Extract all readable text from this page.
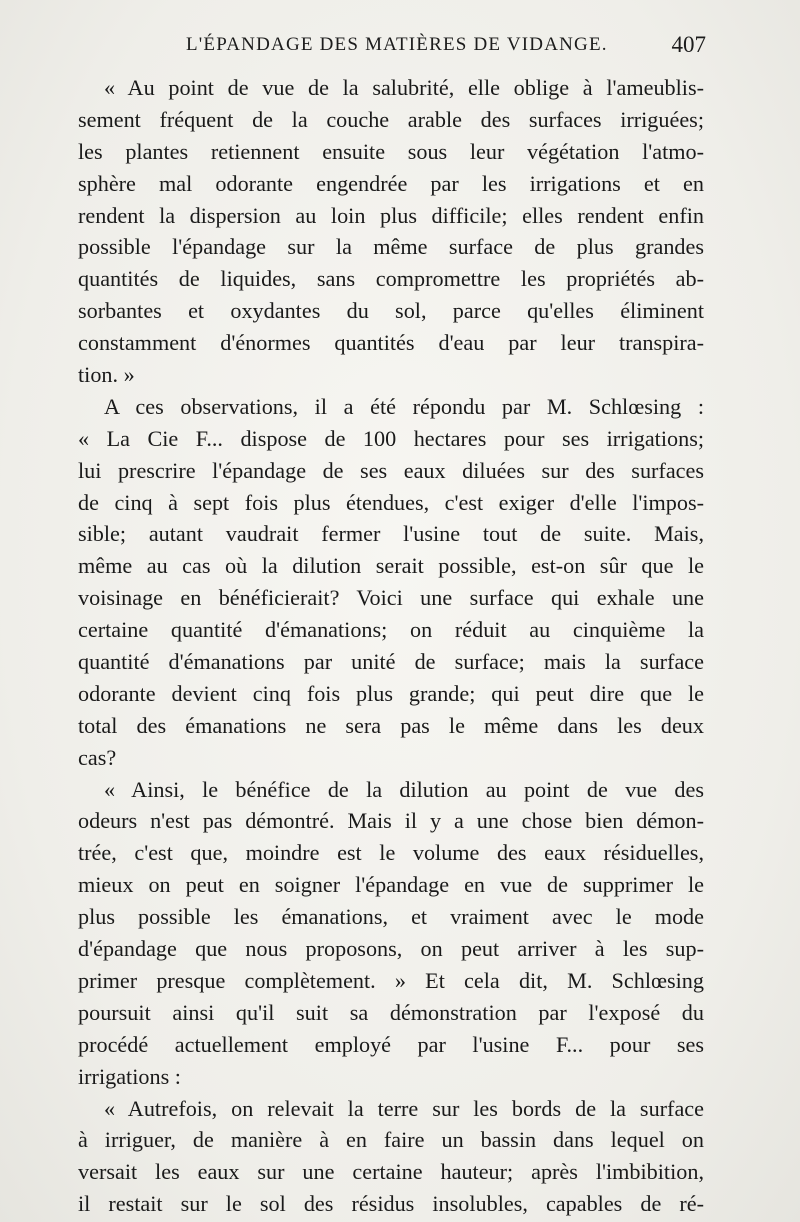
L'ÉPANDAGE DES MATIÈRES DE VIDANGE.	407
« Au point de vue de la salubrité, elle oblige à l'ameublis-
sement fréquent de la couche arable des surfaces irriguées;
les plantes retiennent ensuite sous leur végétation l'atmo-
sphère mal odorante engendrée par les irrigations et en
rendent la dispersion au loin plus difficile; elles rendent enfin
possible l'épandage sur la même surface de plus grandes
quantités de liquides, sans compromettre les propriétés ab-
sorbantes et oxydantes du sol, parce qu'elles éliminent
constamment d'énormes quantités d'eau par leur transpira-
tion. »
A ces observations, il a été répondu par M. Schlœsing :
« La Cie F... dispose de 100 hectares pour ses irrigations;
lui prescrire l'épandage de ses eaux diluées sur des surfaces
de cinq à sept fois plus étendues, c'est exiger d'elle l'impos-
sible; autant vaudrait fermer l'usine tout de suite. Mais,
même au cas où la dilution serait possible, est-on sûr que le
voisinage en bénéficierait? Voici une surface qui exhale une
certaine quantité d'émanations; on réduit au cinquième la
quantité d'émanations par unité de surface; mais la surface
odorante devient cinq fois plus grande; qui peut dire que le
total des émanations ne sera pas le même dans les deux
cas?
« Ainsi, le bénéfice de la dilution au point de vue des
odeurs n'est pas démontré. Mais il y a une chose bien démon-
trée, c'est que, moindre est le volume des eaux résiduelles,
mieux on peut en soigner l'épandage en vue de supprimer le
plus possible les émanations, et vraiment avec le mode
d'épandage que nous proposons, on peut arriver à les sup-
primer presque complètement. » Et cela dit, M. Schlœsing
poursuit ainsi qu'il suit sa démonstration par l'exposé du
procédé actuellement employé par l'usine F... pour ses
irrigations :
« Autrefois, on relevait la terre sur les bords de la surface
à irriguer, de manière à en faire un bassin dans lequel on
versait les eaux sur une certaine hauteur; après l'imbibition,
il restait sur le sol des résidus insolubles, capables de ré-
